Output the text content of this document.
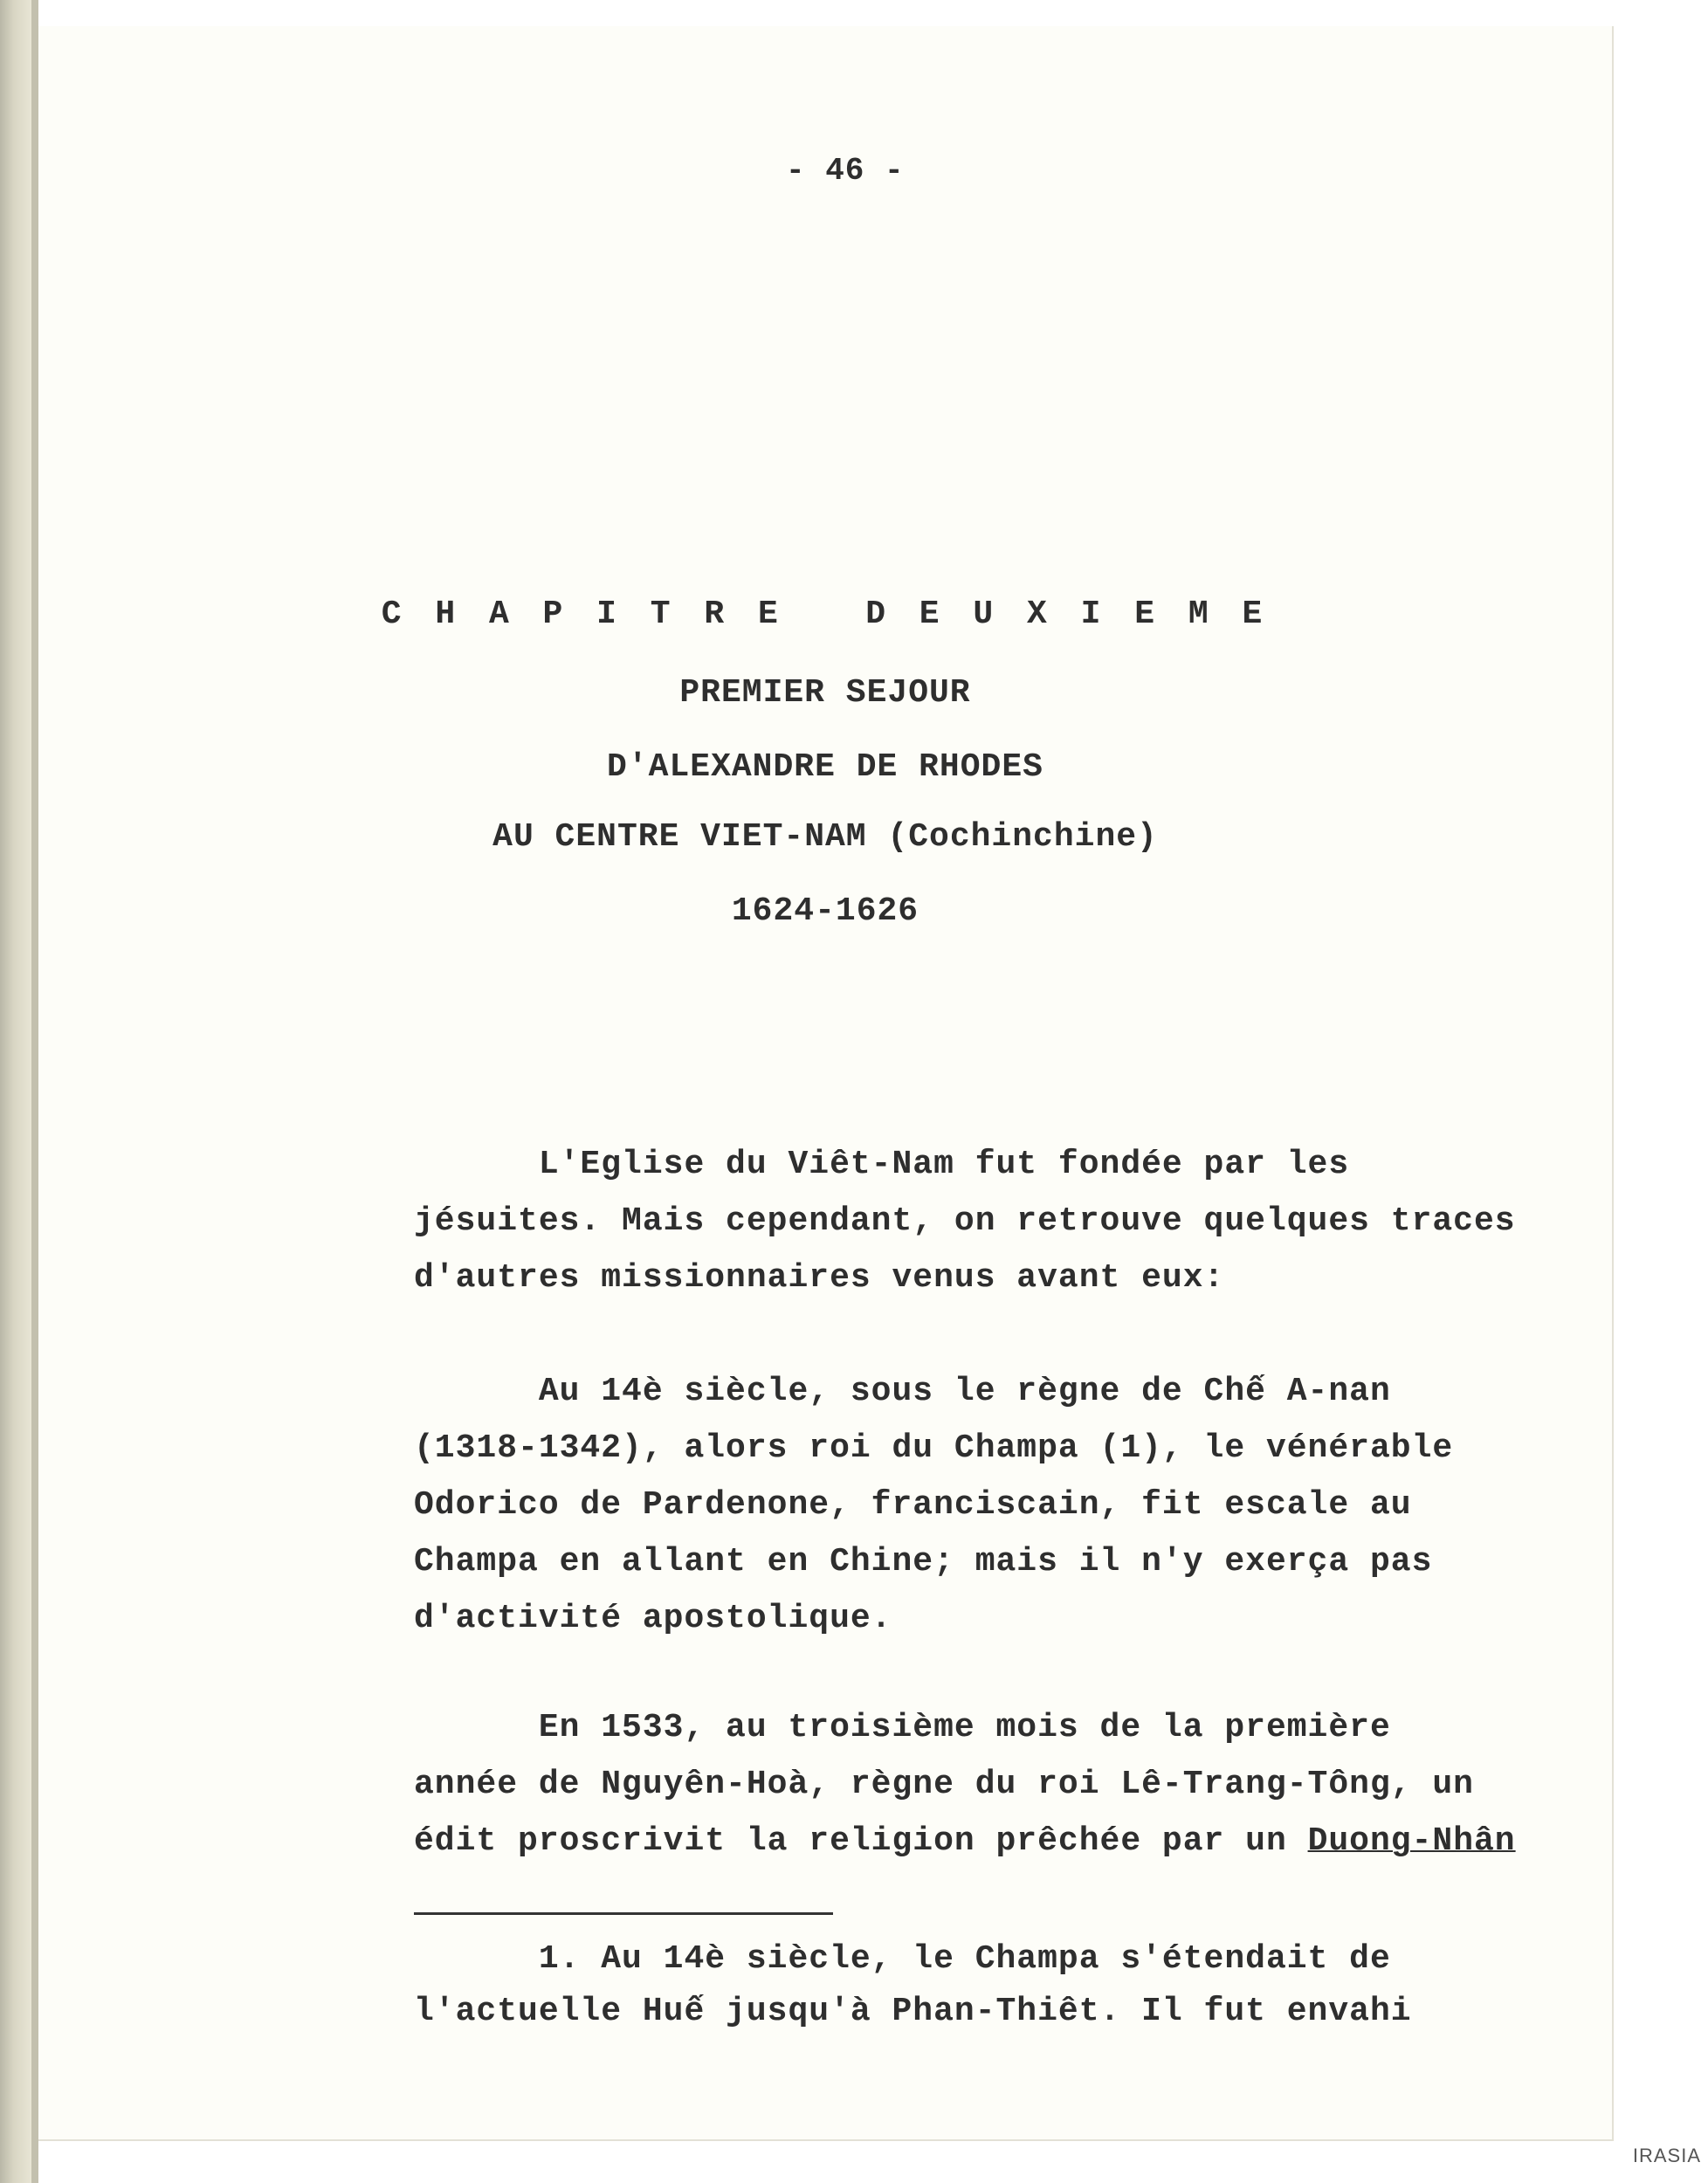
- 46 -
C H A P I T R E   D E U X I E M E
PREMIER SEJOUR
D'ALEXANDRE DE RHODES
AU CENTRE VIET-NAM (Cochinchine)
1624-1626
L'Eglise du Viêt-Nam fut fondée par les
jésuites. Mais cependant, on retrouve quelques traces
d'autres missionnaires venus avant eux:
Au 14è siècle, sous le règne de Chế A-nan
(1318-1342), alors roi du Champa (1), le vénérable
Odorico de Pardenone, franciscain, fit escale au
Champa en allant en Chine; mais il n'y exerça pas
d'activité apostolique.
En 1533, au troisième mois de la première
année de Nguyên-Hoà, règne du roi Lê-Trang-Tông, un
édit proscrivit la religion prêchée par un Duong-Nhân
1. Au 14è siècle, le Champa s'étendait de
l'actuelle Huế jusqu'à Phan-Thiêt. Il fut envahi
IRASIA
